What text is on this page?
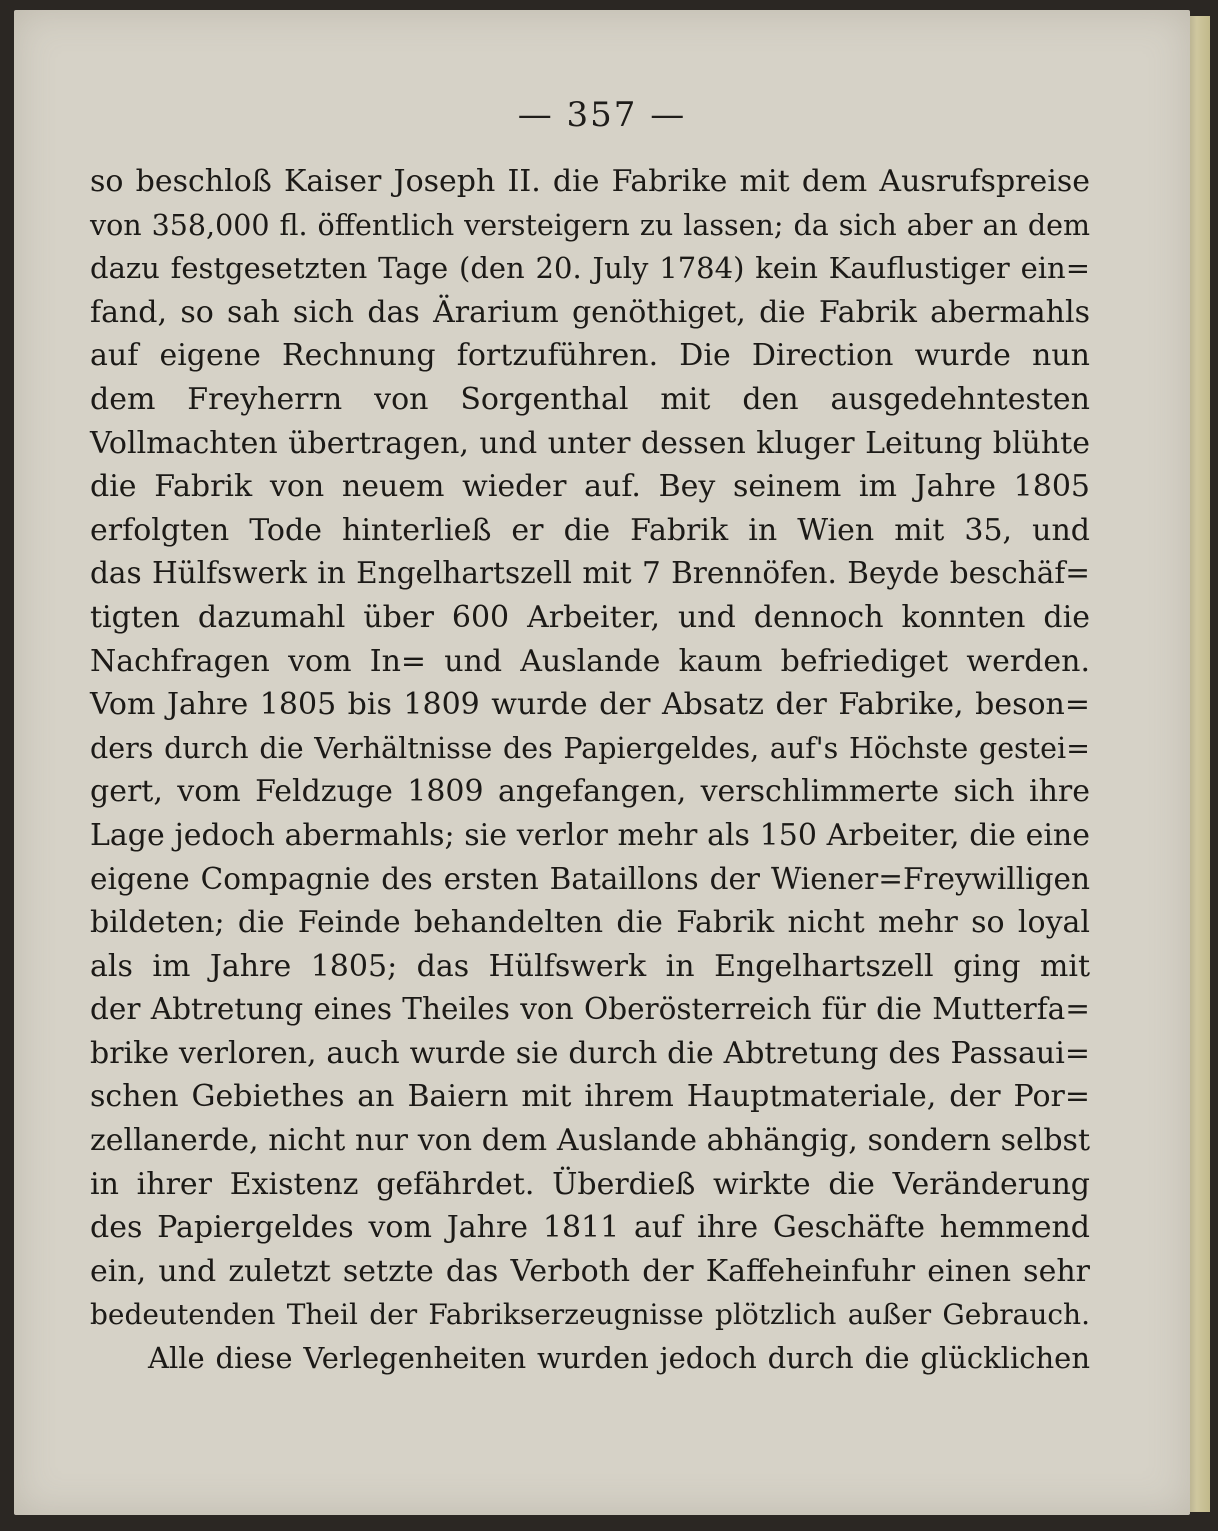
— 357 —
so beschloß Kaiser Joseph II. die Fabrike mit dem Ausrufspreise
von 358,000 fl. öffentlich versteigern zu lassen; da sich aber an dem
dazu festgesetzten Tage (den 20. July 1784) kein Kauflustiger ein=
fand, so sah sich das Ärarium genöthiget, die Fabrik abermahls
auf eigene Rechnung fortzuführen. Die Direction wurde nun
dem Freyherrn von Sorgenthal mit den ausgedehntesten
Vollmachten übertragen, und unter dessen kluger Leitung blühte
die Fabrik von neuem wieder auf. Bey seinem im Jahre 1805
erfolgten Tode hinterließ er die Fabrik in Wien mit 35, und
das Hülfswerk in Engelhartszell mit 7 Brennöfen. Beyde beschäf=
tigten dazumahl über 600 Arbeiter, und dennoch konnten die
Nachfragen vom In= und Auslande kaum befriediget werden.
Vom Jahre 1805 bis 1809 wurde der Absatz der Fabrike, beson=
ders durch die Verhältnisse des Papiergeldes, auf's Höchste gestei=
gert, vom Feldzuge 1809 angefangen, verschlimmerte sich ihre
Lage jedoch abermahls; sie verlor mehr als 150 Arbeiter, die eine
eigene Compagnie des ersten Bataillons der Wiener=Freywilligen
bildeten; die Feinde behandelten die Fabrik nicht mehr so loyal
als im Jahre 1805; das Hülfswerk in Engelhartszell ging mit
der Abtretung eines Theiles von Oberösterreich für die Mutterfa=
brike verloren, auch wurde sie durch die Abtretung des Passaui=
schen Gebiethes an Baiern mit ihrem Hauptmateriale, der Por=
zellanerde, nicht nur von dem Auslande abhängig, sondern selbst
in ihrer Existenz gefährdet. Überdieß wirkte die Veränderung
des Papiergeldes vom Jahre 1811 auf ihre Geschäfte hemmend
ein, und zuletzt setzte das Verboth der Kaffeheinfuhr einen sehr
bedeutenden Theil der Fabrikserzeugnisse plötzlich außer Gebrauch.
Alle diese Verlegenheiten wurden jedoch durch die glücklichen
